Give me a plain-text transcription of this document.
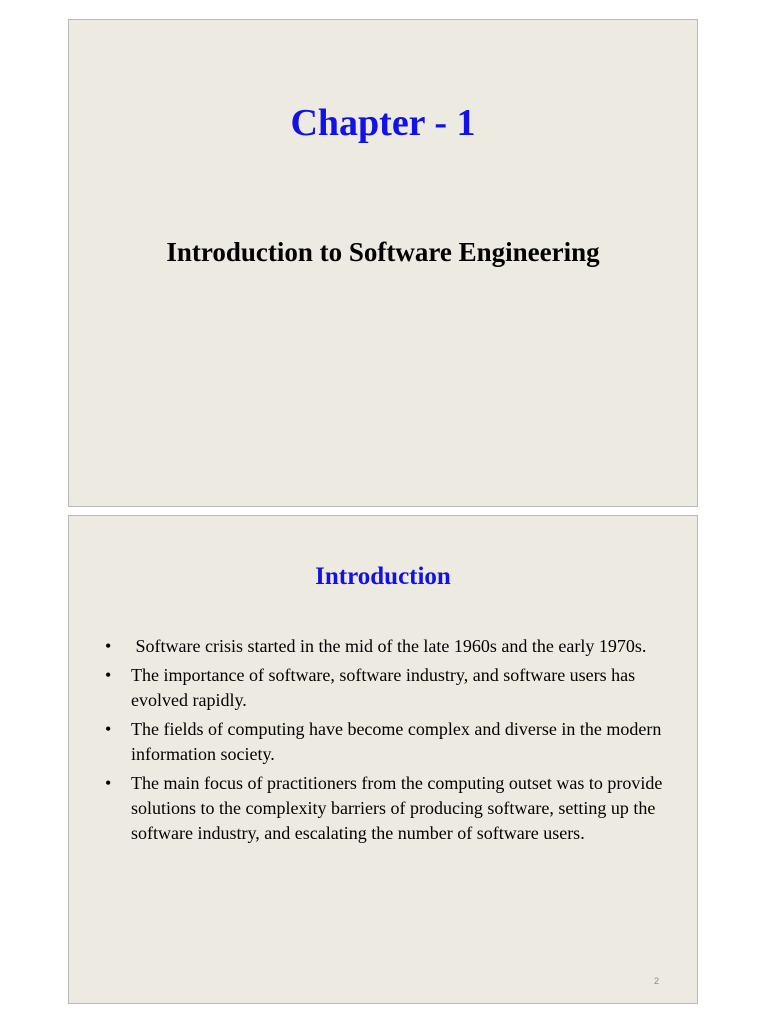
Chapter - 1
Introduction to Software Engineering
Introduction
•	Software crisis started in the mid of the late 1960s and the early 1970s.
•	The importance of software, software industry, and software users has evolved rapidly.
•	The fields of computing have become complex and diverse in the modern information society.
•	The main focus of practitioners from the computing outset was to provide solutions to the complexity barriers of producing software, setting up the software industry, and escalating the number of software users.
2
